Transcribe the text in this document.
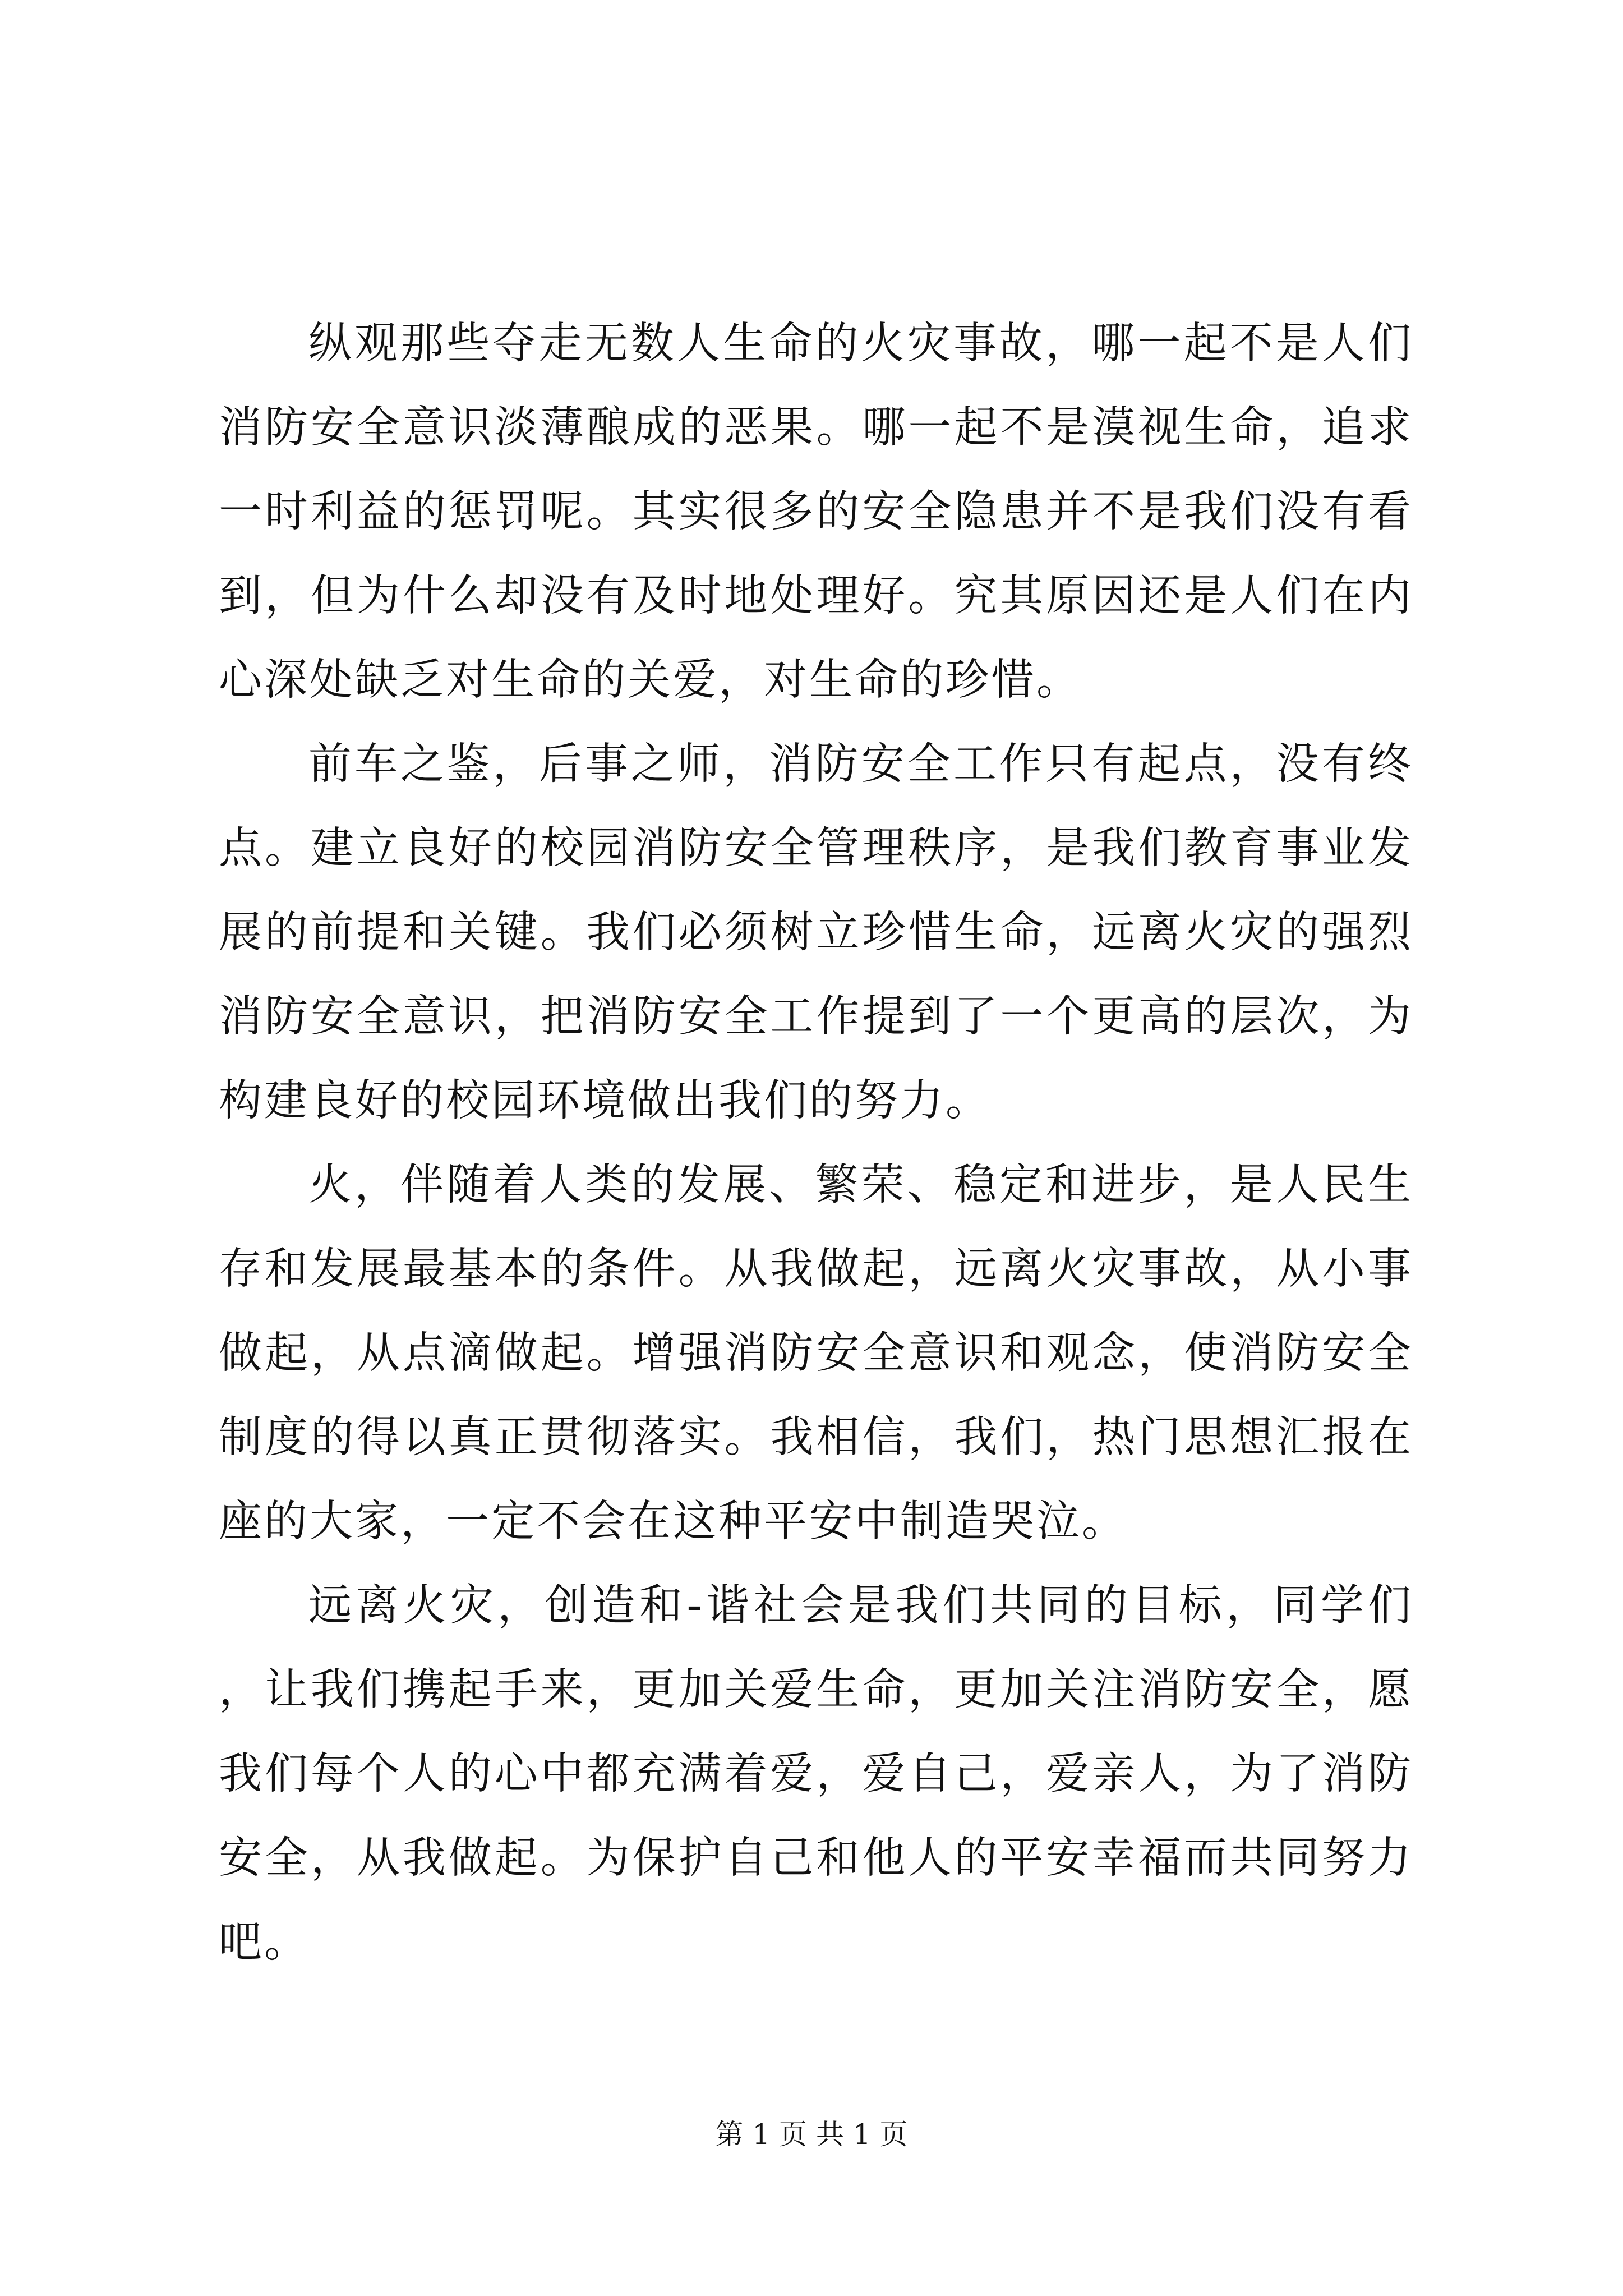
纵观那些夺走无数人生命的火灾事故，哪一起不是人们消防安全意识淡薄酿成的恶果。哪一起不是漠视生命，追求一时利益的惩罚呢。其实很多的安全隐患并不是我们没有看到，但为什么却没有及时地处理好。究其原因还是人们在内心深处缺乏对生命的关爱，对生命的珍惜。

前车之鉴，后事之师，消防安全工作只有起点，没有终点。建立良好的校园消防安全管理秩序，是我们教育事业发展的前提和关键。我们必须树立珍惜生命，远离火灾的强烈消防安全意识，把消防安全工作提到了一个更高的层次，为构建良好的校园环境做出我们的努力。

火，伴随着人类的发展、繁荣、稳定和进步，是人民生存和发展最基本的条件。从我做起，远离火灾事故，从小事做起，从点滴做起。增强消防安全意识和观念，使消防安全制度的得以真正贯彻落实。我相信，我们，热门思想汇报在座的大家，一定不会在这种平安中制造哭泣。

远离火灾，创造和-谐社会是我们共同的目标，同学们，让我们携起手来，更加关爱生命，更加关注消防安全，愿我们每个人的心中都充满着爱，爱自己，爱亲人，为了消防安全，从我做起。为保护自己和他人的平安幸福而共同努力吧。

第 1 页 共 1 页
